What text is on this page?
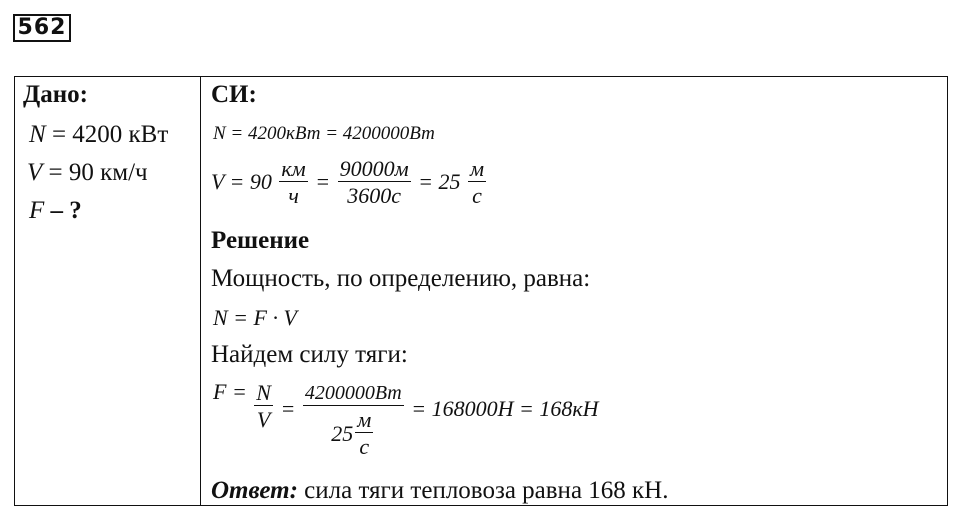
562
Дано:
N = 4200 кВт
V = 90 км/ч
F – ?
СИ:
N = 4200кВт = 4200000Вт
$V = 90 \frac{км}{ч} = \frac{90000м}{3600с} = 25 \frac{м}{с}$
Решение
Мощность, по определению, равна:
N = F · V
Найдем силу тяги:
$F = \frac{N}{V} = \frac{4200000Вт}{25 \frac{м}{с}} = 168000Н = 168кН$
Ответ: сила тяги тепловоза равна 168 кН.
